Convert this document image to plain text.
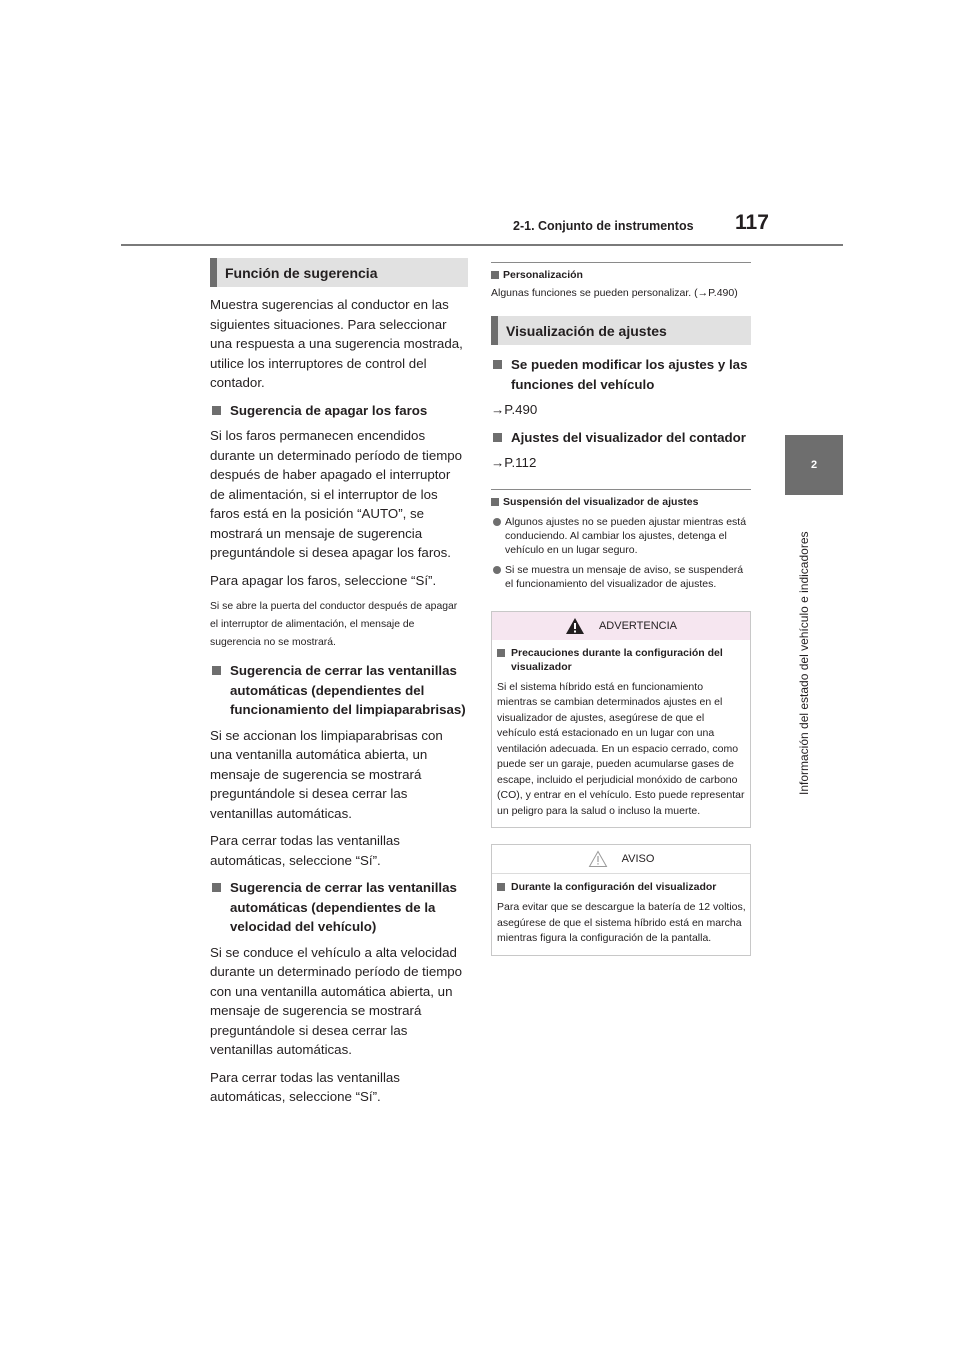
2-1. Conjunto de instrumentos 117
2
Información del estado del vehículo e indicadores
Función de sugerencia

Muestra sugerencias al conductor en las siguientes situaciones. Para seleccionar una respuesta a una sugerencia mostrada, utilice los interruptores de control del contador.

Sugerencia de apagar los faros

Si los faros permanecen encendidos durante un determinado período de tiempo después de haber apagado el interruptor de alimentación, si el interruptor de los faros está en la posición “AUTO”, se mostrará un mensaje de sugerencia preguntándole si desea apagar los faros.

Para apagar los faros, seleccione “Sí”.

Si se abre la puerta del conductor después de apagar el interruptor de alimentación, el mensaje de sugerencia no se mostrará.

Sugerencia de cerrar las ventanillas automáticas (dependientes del funcionamiento del limpiaparabrisas)

Si se accionan los limpiaparabrisas con una ventanilla automática abierta, un mensaje de sugerencia se mostrará preguntándole si desea cerrar las ventanillas automáticas.

Para cerrar todas las ventanillas automáticas, seleccione “Sí”.

Sugerencia de cerrar las ventanillas automáticas (dependientes de la velocidad del vehículo)

Si se conduce el vehículo a alta velocidad durante un determinado período de tiempo con una ventanilla automática abierta, un mensaje de sugerencia se mostrará preguntándole si desea cerrar las ventanillas automáticas.

Para cerrar todas las ventanillas automáticas, seleccione “Sí”.

Personalización

Algunas funciones se pueden personalizar. (→P.490)

Visualización de ajustes
Se pueden modificar los ajustes y las funciones del vehículo

→P.490

Ajustes del visualizador del contador

→P.112

Suspensión del visualizador de ajustes
Algunos ajustes no se pueden ajustar mientras está conduciendo. Al cambiar los ajustes, detenga el vehículo en un lugar seguro.
Si se muestra un mensaje de aviso, se suspenderá el funcionamiento del visualizador de ajustes.
ADVERTENCIA
Precauciones durante la configuración del visualizador
Si el sistema híbrido está en funcionamiento mientras se cambian determinados ajustes en el visualizador de ajustes, asegúrese de que el vehículo está estacionado en un lugar con una ventilación adecuada. En un espacio cerrado, como puede ser un garaje, pueden acumularse gases de escape, incluido el perjudicial monóxido de carbono (CO), y entrar en el vehículo. Esto puede representar un peligro para la salud o incluso la muerte.
AVISO
Durante la configuración del visualizador
Para evitar que se descargue la batería de 12 voltios, asegúrese de que el sistema híbrido está en marcha mientras figura la configuración de la pantalla.
